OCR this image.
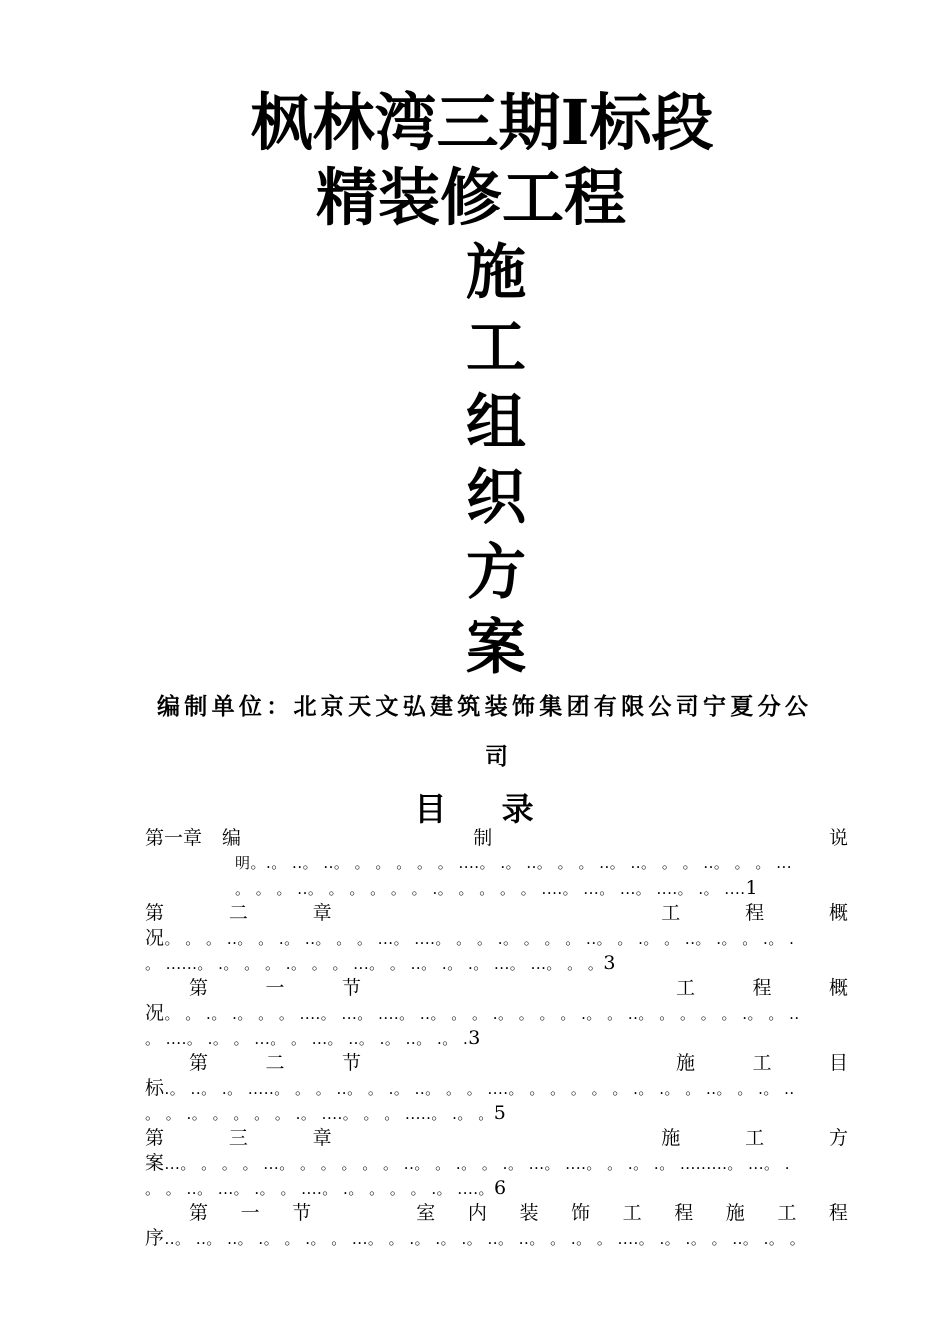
枫林湾三期I标段
精装修工程
施
工
组
织
方
案
编制单位：北京天文弘建筑装饰集团有限公司宁夏分公
司
目 录
第一章 编	制	说
明。.。 ..。 ..。 。 。 。 。 。 ....。 .。 ..。 。 。 ..。 ..。 。 。 ..。 。 。 ...
。 。 。 ..。 。 。 。 。 。 .。 。 。 。 。 ....。 ...。 ...。 ....。 .。 ....1
第	二	章	工	程	概
况。 。 。 ..。 。 .。 ..。 。 。 ...。 ....。 。 。 .。 。 。 。 ..。 。 .。 。 ..。 .。 。 .。 .
。 ......。 .。 。 。 .。 。 。 ...。 。 ..。 .。 .。 ...。 ...。 。 。3
第	一	节	工	程	概
况。 。 .。 .。 。 。 ....。 ...。 ....。 ..。 。 。 .。 。 。 。 .。 。 ..。 。 。 。 。 .。 。 ..
。 ....。 .。 。 ...。 。 ...。 ..。 .。 ..。 .。 .3
第	二	节	施	工	目
标.。 ..。 .。 .....。 。 。 ..。 。 .。 ..。 。 。 ....。 。 。 。 。 。 .。 .。 。 ..。 。 .。 ..
。 。 .。 。 。 。 。 .。 ....。 。 。 .....。 .。 。5
第	三	章	施	工	方
案...。 。 。 。 ...。 。 。 。 。 。 ..。 。 .。 。 .。 ...。 ....。 。 .。 .。 .........。 ...。 .
。 。 ..。 ...。 .。 。 ....。 .。 。 。 。 .。 ....。6
第 一 节	室 内 装 饰 工 程 施 工 程
序..。 ..。 ..。 .。 。 .。 。 ...。 。 .。 .。 .。 ..。 ..。 。 .。 。 ....。 .。 .。 。 ..。 .。 。
